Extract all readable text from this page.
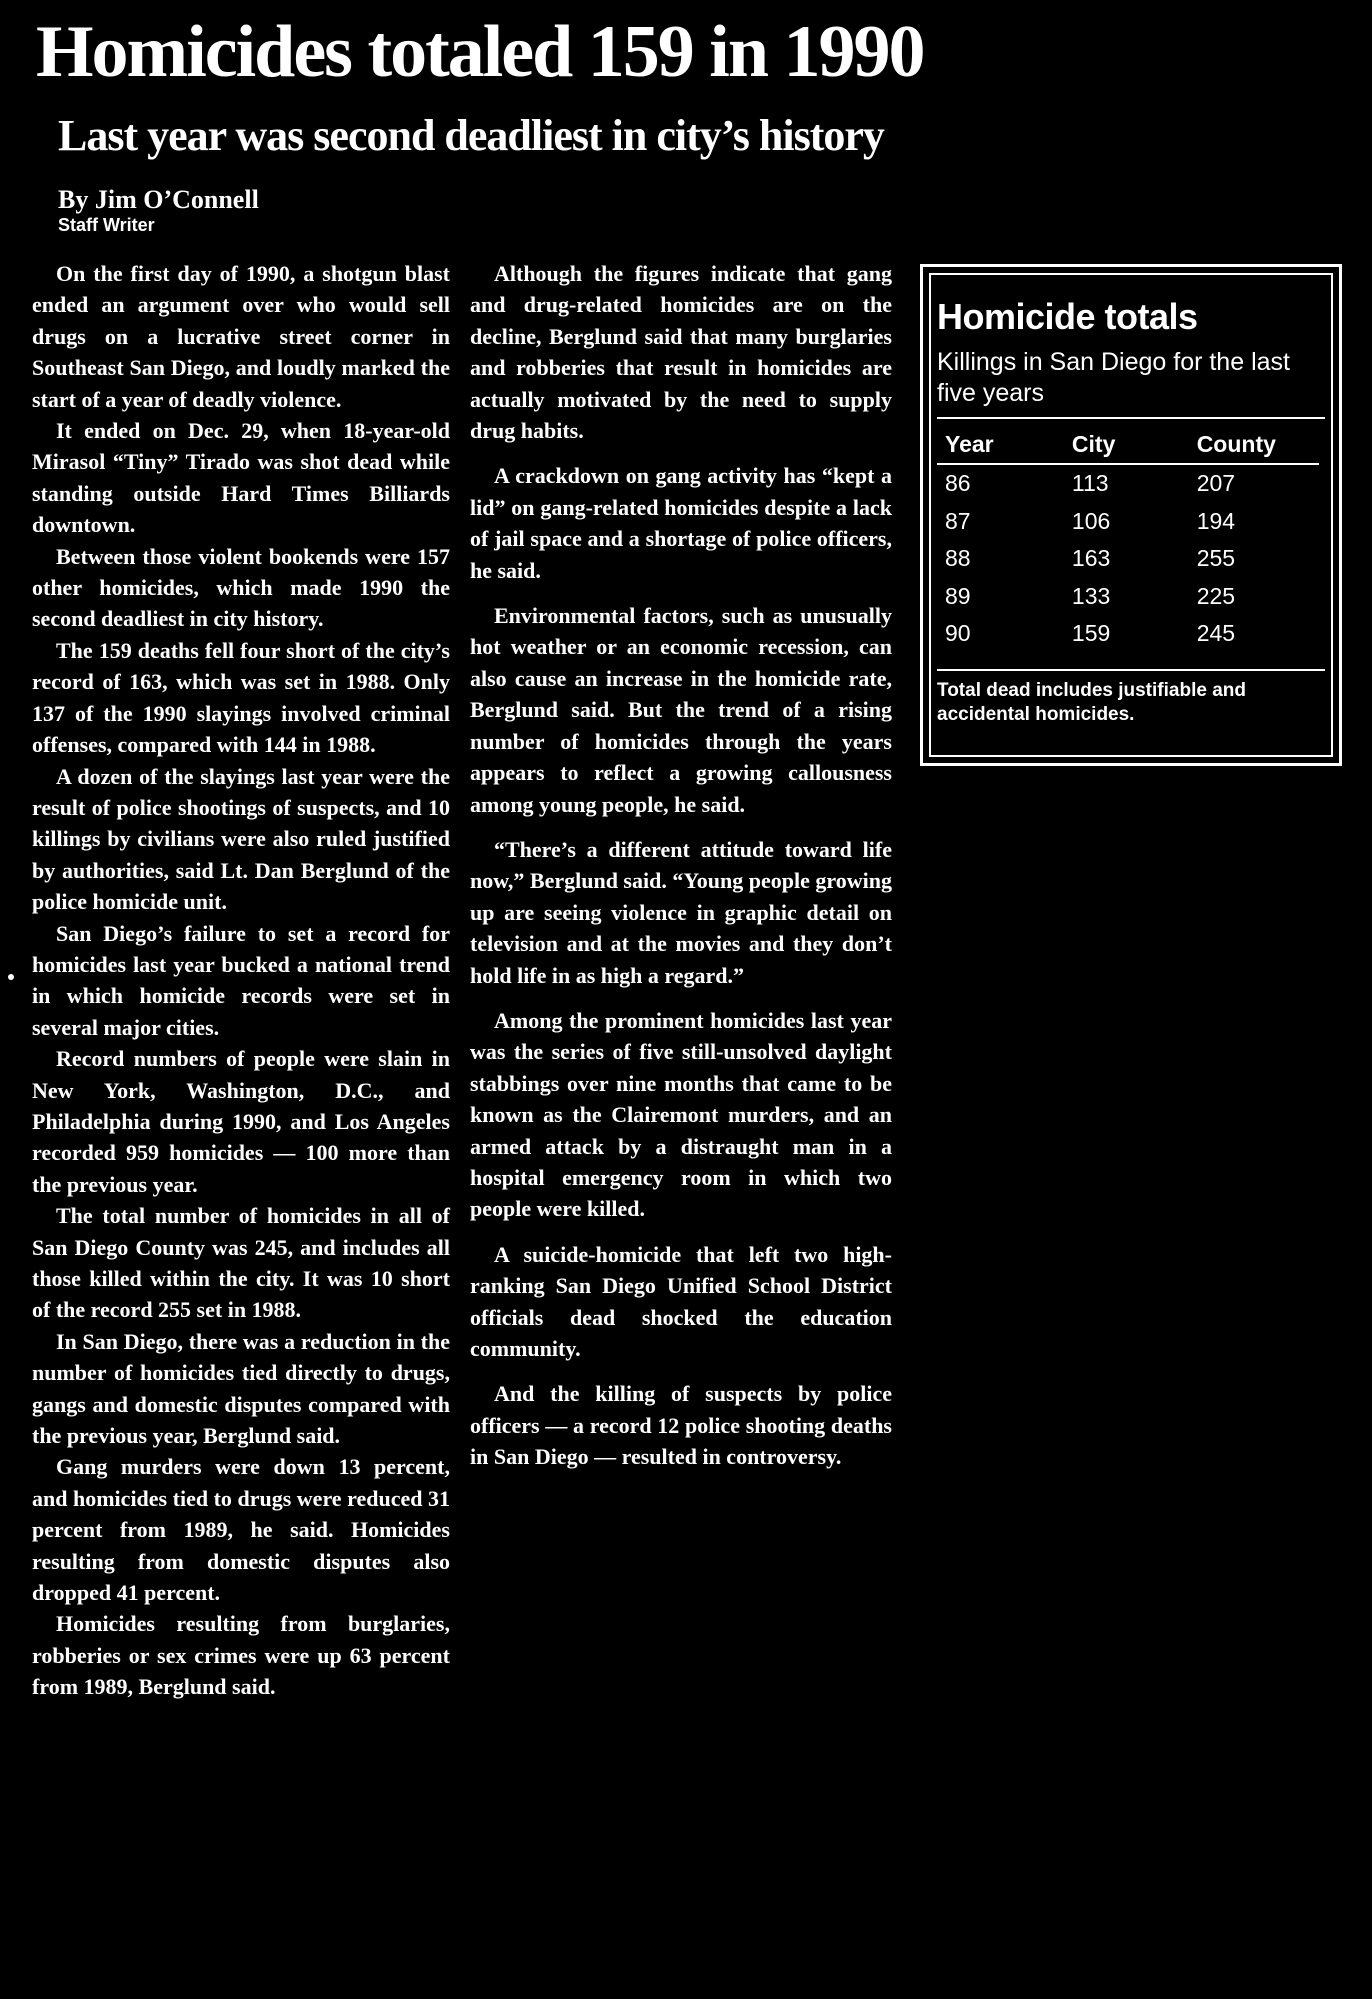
Homicides totaled 159 in 1990
Last year was second deadliest in city’s history
By Jim O’Connell
Staff Writer

On the first day of 1990, a shotgun blast ended an argument over who would sell drugs on a lucrative street corner in Southeast San Diego, and loudly marked the start of a year of deadly violence.

It ended on Dec. 29, when 18-year-old Mirasol “Tiny” Tirado was shot dead while standing outside Hard Times Billiards downtown.

Between those violent bookends were 157 other homicides, which made 1990 the second deadliest in city history.

The 159 deaths fell four short of the city’s record of 163, which was set in 1988. Only 137 of the 1990 slayings involved criminal offenses, compared with 144 in 1988.

A dozen of the slayings last year were the result of police shootings of suspects, and 10 killings by civilians were also ruled justified by authorities, said Lt. Dan Berglund of the police homicide unit.

San Diego’s failure to set a record for homicides last year bucked a national trend in which homicide records were set in several major cities.

Record numbers of people were slain in New York, Washington, D.C., and Philadelphia during 1990, and Los Angeles recorded 959 homicides — 100 more than the previous year.

The total number of homicides in all of San Diego County was 245, and includes all those killed within the city. It was 10 short of the record 255 set in 1988.

In San Diego, there was a reduction in the number of homicides tied directly to drugs, gangs and domestic disputes compared with the previous year, Berglund said.

Gang murders were down 13 percent, and homicides tied to drugs were reduced 31 percent from 1989, he said. Homicides resulting from domestic disputes also dropped 41 percent.

Homicides resulting from burglaries, robberies or sex crimes were up 63 percent from 1989, Berglund said.

Although the figures indicate that gang and drug-related homicides are on the decline, Berglund said that many burglaries and robberies that result in homicides are actually motivated by the need to supply drug habits.

A crackdown on gang activity has “kept a lid” on gang-related homicides despite a lack of jail space and a shortage of police officers, he said.

Environmental factors, such as unusually hot weather or an economic recession, can also cause an increase in the homicide rate, Berglund said. But the trend of a rising number of homicides through the years appears to reflect a growing callousness among young people, he said.

“There’s a different attitude toward life now,” Berglund said. “Young people growing up are seeing violence in graphic detail on television and at the movies and they don’t hold life in as high a regard.”

Among the prominent homicides last year was the series of five still-unsolved daylight stabbings over nine months that came to be known as the Clairemont murders, and an armed attack by a distraught man in a hospital emergency room in which two people were killed.

A suicide-homicide that left two high-ranking San Diego Unified School District officials dead shocked the education community.

And the killing of suspects by police officers — a record 12 police shooting deaths in San Diego — resulted in controversy.

Homicide totals
Killings in San Diego for the last five years
Year	City	County
86	113	207
87	106	194
88	163	255
89	133	225
90	159	245
Total dead includes justifiable and accidental homicides.
